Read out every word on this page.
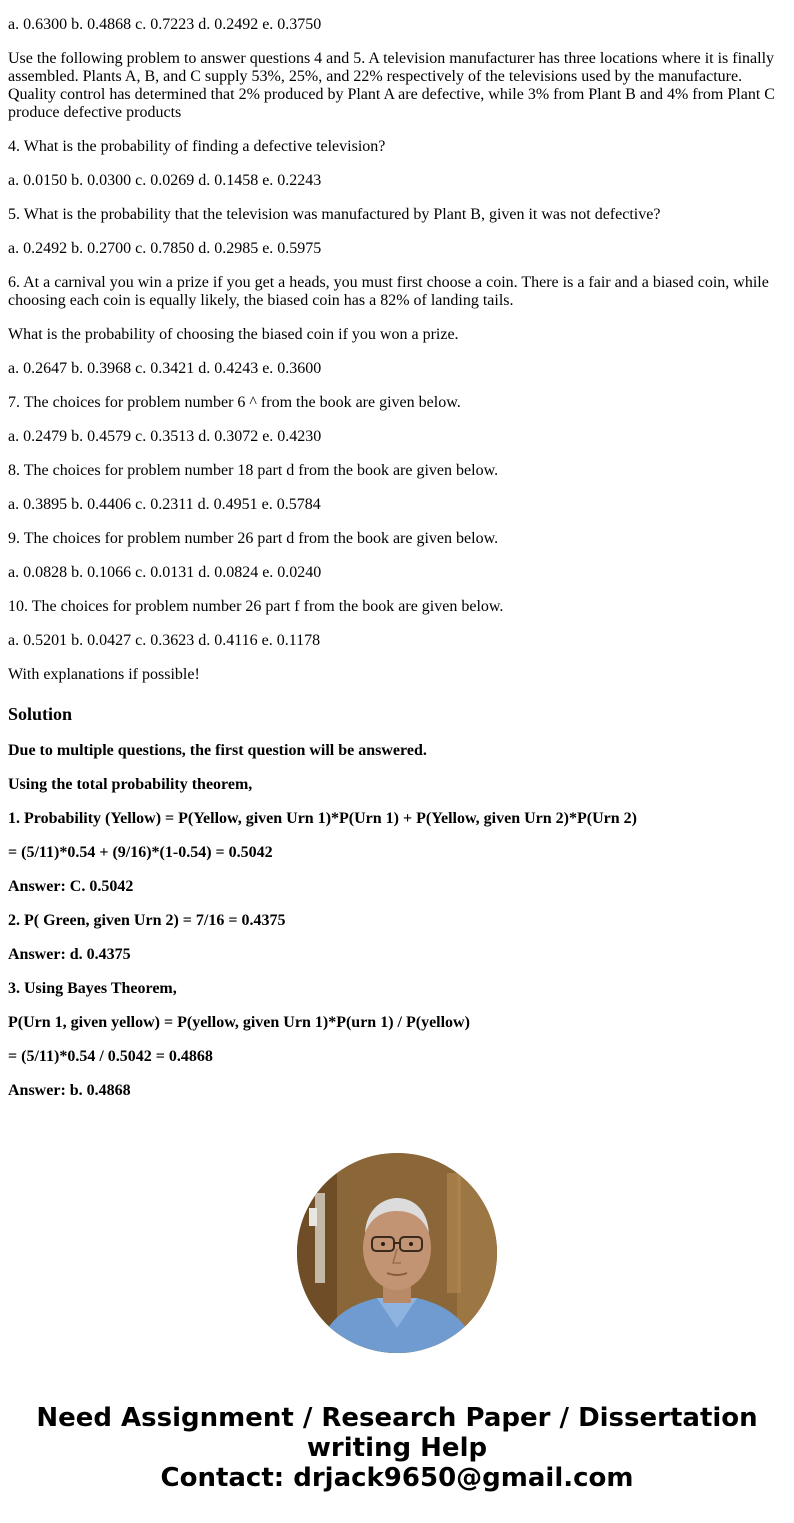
a. 0.6300 b. 0.4868 c. 0.7223 d. 0.2492 e. 0.3750

Use the following problem to answer questions 4 and 5. A television manufacturer has three locations where it is finally assembled. Plants A, B, and C supply 53%, 25%, and 22% respectively of the televisions used by the manufacture. Quality control has determined that 2% produced by Plant A are defective, while 3% from Plant B and 4% from Plant C produce defective products

4. What is the probability of finding a defective television?

a. 0.0150 b. 0.0300 c. 0.0269 d. 0.1458 e. 0.2243

5. What is the probability that the television was manufactured by Plant B, given it was not defective?

a. 0.2492 b. 0.2700 c. 0.7850 d. 0.2985 e. 0.5975

6. At a carnival you win a prize if you get a heads, you must first choose a coin. There is a fair and a biased coin, while choosing each coin is equally likely, the biased coin has a 82% of landing tails.

What is the probability of choosing the biased coin if you won a prize.

a. 0.2647 b. 0.3968 c. 0.3421 d. 0.4243 e. 0.3600

7. The choices for problem number 6 ^ from the book are given below.

a. 0.2479 b. 0.4579 c. 0.3513 d. 0.3072 e. 0.4230

8. The choices for problem number 18 part d from the book are given below.

a. 0.3895 b. 0.4406 c. 0.2311 d. 0.4951 e. 0.5784

9. The choices for problem number 26 part d from the book are given below.

a. 0.0828 b. 0.1066 c. 0.0131 d. 0.0824 e. 0.0240

10. The choices for problem number 26 part f from the book are given below.

a. 0.5201 b. 0.0427 c. 0.3623 d. 0.4116 e. 0.1178

With explanations if possible!

Solution

Due to multiple questions, the first question will be answered.

Using the total probability theorem,

1. Probability (Yellow) = P(Yellow, given Urn 1)*P(Urn 1) + P(Yellow, given Urn 2)*P(Urn 2)

= (5/11)*0.54 + (9/16)*(1-0.54) = 0.5042

Answer: C. 0.5042

2. P( Green, given Urn 2) = 7/16 = 0.4375

Answer: d. 0.4375

3. Using Bayes Theorem,

P(Urn 1, given yellow) = P(yellow, given Urn 1)*P(urn 1) / P(yellow)

= (5/11)*0.54 / 0.5042 = 0.4868

Answer: b. 0.4868

Need Assignment / Research Paper / Dissertation
writing Help
Contact: drjack9650@gmail.com
